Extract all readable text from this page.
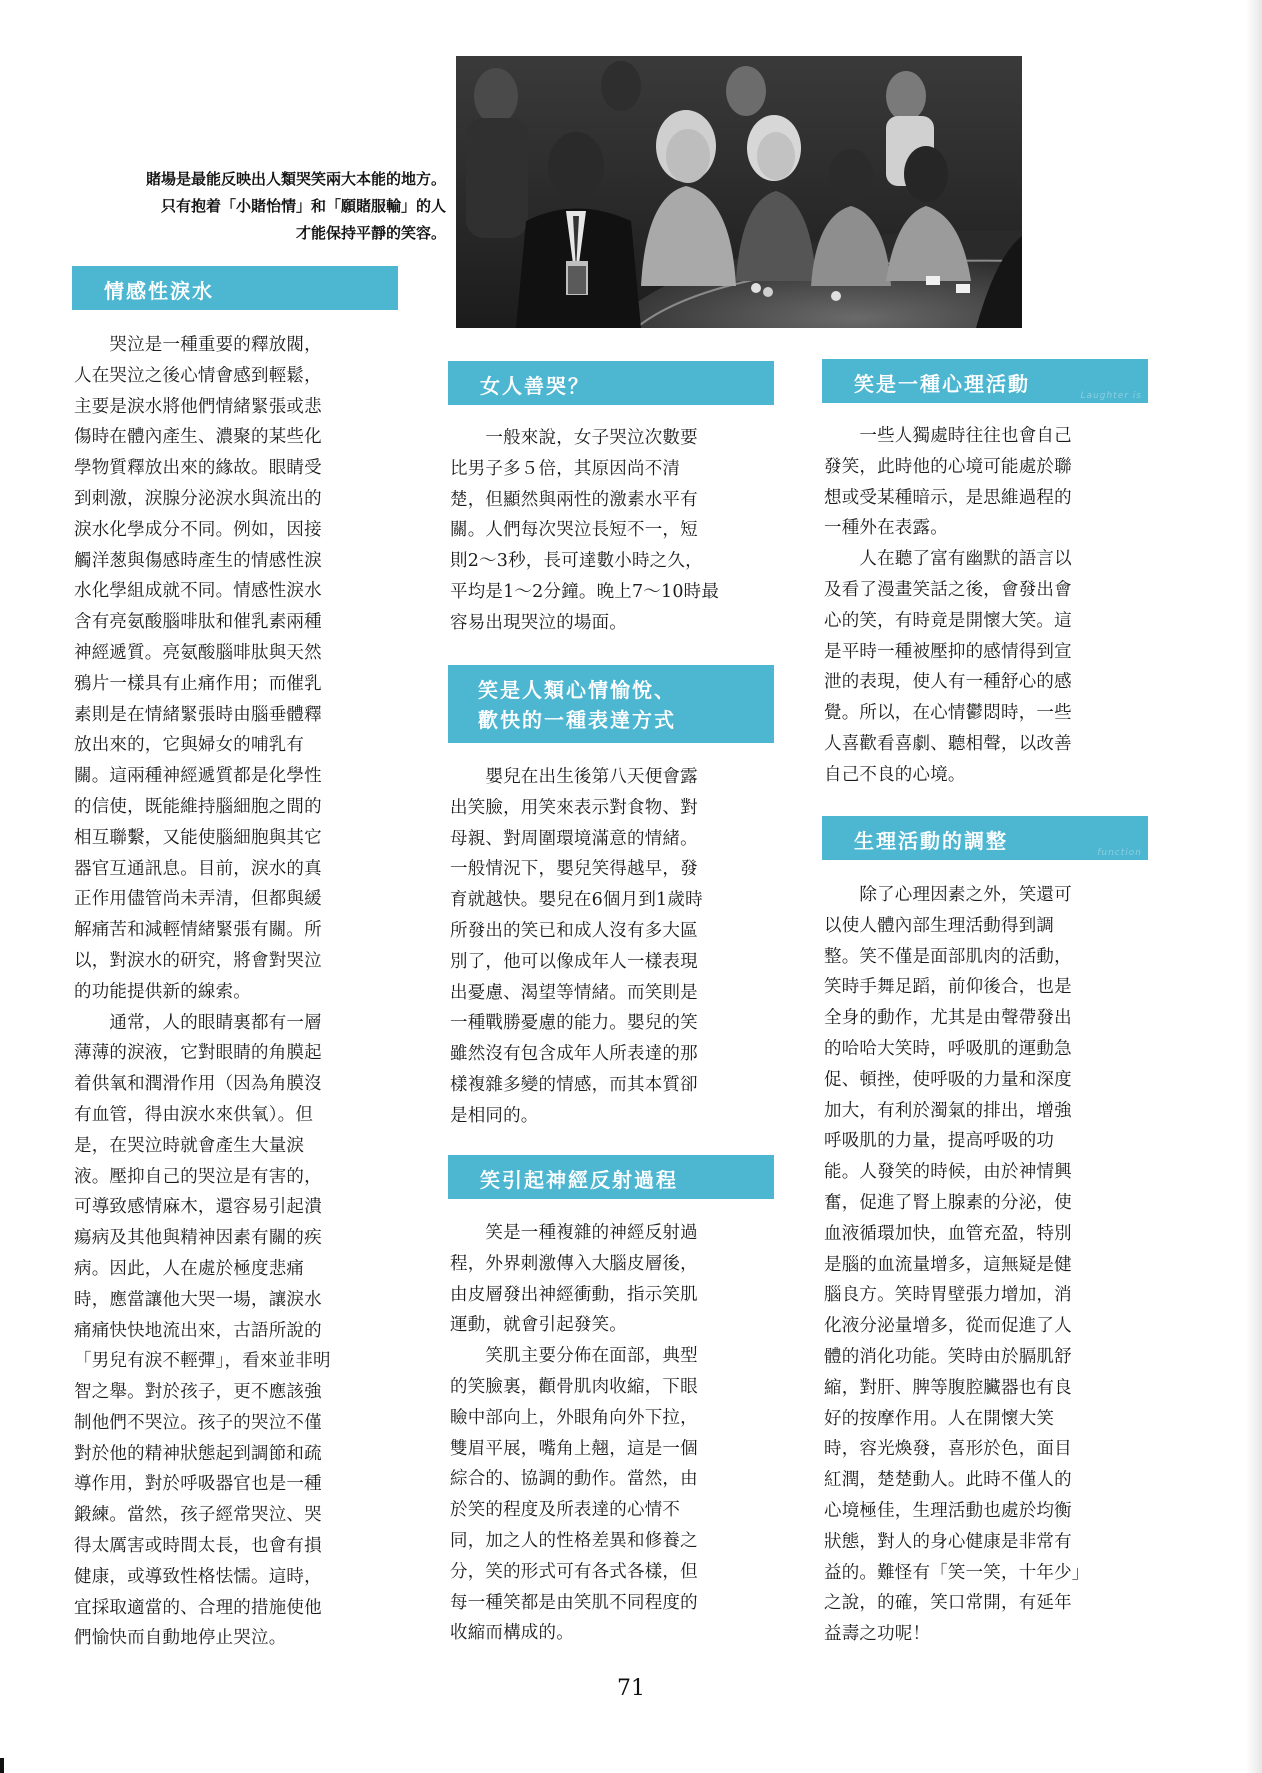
賭場是最能反映出人類哭笑兩大本能的地方。
只有抱着「小賭怡情」和「願賭服輸」的人
才能保持平靜的笑容。
情感性淚水
　　哭泣是一種重要的釋放閥，
人在哭泣之後心情會感到輕鬆，
主要是淚水將他們情緒緊張或悲
傷時在體內產生、濃聚的某些化
學物質釋放出來的緣故。眼睛受
到刺激，淚腺分泌淚水與流出的
淚水化學成分不同。例如，因接
觸洋葱與傷感時產生的情感性淚
水化學組成就不同。情感性淚水
含有亮氨酸腦啡肽和催乳素兩種
神經遞質。亮氨酸腦啡肽與天然
鴉片一樣具有止痛作用；而催乳
素則是在情緒緊張時由腦垂體釋
放出來的，它與婦女的哺乳有
關。這兩種神經遞質都是化學性
的信使，既能維持腦細胞之間的
相互聯繫，又能使腦細胞與其它
器官互通訊息。目前，淚水的真
正作用儘管尚未弄清，但都與緩
解痛苦和減輕情緒緊張有關。所
以，對淚水的研究，將會對哭泣
的功能提供新的線索。
　　通常，人的眼睛裏都有一層
薄薄的淚液，它對眼睛的角膜起
着供氧和潤滑作用（因為角膜沒
有血管，得由淚水來供氧）。但
是，在哭泣時就會產生大量淚
液。壓抑自己的哭泣是有害的，
可導致感情麻木，還容易引起潰
瘍病及其他與精神因素有關的疾
病。因此，人在處於極度悲痛
時，應當讓他大哭一場，讓淚水
痛痛快快地流出來，古語所說的
「男兒有淚不輕彈」，看來並非明
智之舉。對於孩子，更不應該強
制他們不哭泣。孩子的哭泣不僅
對於他的精神狀態起到調節和疏
導作用，對於呼吸器官也是一種
鍛練。當然，孩子經常哭泣、哭
得太厲害或時間太長，也會有損
健康，或導致性格怯懦。這時，
宜採取適當的、合理的措施使他
們愉快而自動地停止哭泣。
女人善哭？
　　一般來說，女子哭泣次數要
比男子多５倍，其原因尚不清
楚，但顯然與兩性的激素水平有
關。人們每次哭泣長短不一，短
則2～3秒，長可達數小時之久，
平均是1～2分鐘。晚上7～10時最
容易出現哭泣的場面。
笑是人類心情愉悅、
歡快的一種表達方式
　　嬰兒在出生後第八天便會露
出笑臉，用笑來表示對食物、對
母親、對周圍環境滿意的情緒。
一般情況下，嬰兒笑得越早，發
育就越快。嬰兒在6個月到1歲時
所發出的笑已和成人沒有多大區
別了，他可以像成年人一樣表現
出憂慮、渴望等情緒。而笑則是
一種戰勝憂慮的能力。嬰兒的笑
雖然沒有包含成年人所表達的那
樣複雜多變的情感，而其本質卻
是相同的。
笑引起神經反射過程
　　笑是一種複雜的神經反射過
程，外界刺激傳入大腦皮層後，
由皮層發出神經衝動，指示笑肌
運動，就會引起發笑。
　　笑肌主要分佈在面部，典型
的笑臉裏，顴骨肌肉收縮，下眼
瞼中部向上，外眼角向外下拉，
雙眉平展，嘴角上翹，這是一個
綜合的、協調的動作。當然，由
於笑的程度及所表達的心情不
同，加之人的性格差異和修養之
分，笑的形式可有各式各樣，但
每一種笑都是由笑肌不同程度的
收縮而構成的。
笑是一種心理活動	Laughter is
　　一些人獨處時往往也會自己
發笑，此時他的心境可能處於聯
想或受某種暗示，是思維過程的
一種外在表露。
　　人在聽了富有幽默的語言以
及看了漫畫笑話之後，會發出會
心的笑，有時竟是開懷大笑。這
是平時一種被壓抑的感情得到宣
泄的表現，使人有一種舒心的感
覺。所以，在心情鬱悶時，一些
人喜歡看喜劇、聽相聲，以改善
自己不良的心境。
生理活動的調整	function
　　除了心理因素之外，笑還可
以使人體內部生理活動得到調
整。笑不僅是面部肌肉的活動，
笑時手舞足蹈，前仰後合，也是
全身的動作，尤其是由聲帶發出
的哈哈大笑時，呼吸肌的運動急
促、頓挫，使呼吸的力量和深度
加大，有利於濁氣的排出，增強
呼吸肌的力量，提高呼吸的功
能。人發笑的時候，由於神情興
奮，促進了腎上腺素的分泌，使
血液循環加快，血管充盈，特別
是腦的血流量增多，這無疑是健
腦良方。笑時胃壁張力增加，消
化液分泌量增多，從而促進了人
體的消化功能。笑時由於膈肌舒
縮，對肝、脾等腹腔臟器也有良
好的按摩作用。人在開懷大笑
時，容光煥發，喜形於色，面目
紅潤，楚楚動人。此時不僅人的
心境極佳，生理活動也處於均衡
狀態，對人的身心健康是非常有
益的。難怪有「笑一笑，十年少」
之說，的確，笑口常開，有延年
益壽之功呢！
71
